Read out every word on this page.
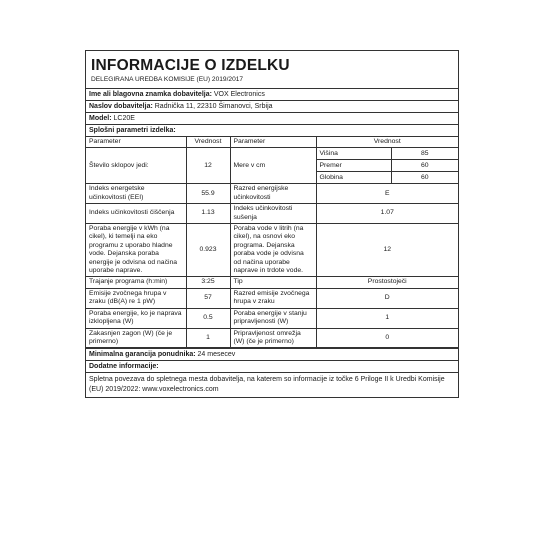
INFORMACIJE O IZDELKU
DELEGIRANA UREDBA KOMISIJE (EU) 2019/2017
Ime ali blagovna znamka dobavitelja: VOX Electronics
Naslov dobavitelja: Radnička 11, 22310 Šimanovci, Srbija
Model: LC20E
Splošni parametri izdelka:
Parameter	Vrednost	Parameter	Vrednost
Število sklopov jedi:	12	Mere v cm	
Višina	85
Premer	60
Globina	60

Indeks energetske učinkovitosti (EEI)	55.9	Razred energijske učinkovitosti	E
Indeks učinkovitosti čiščenja	1.13	Indeks učinkovitosti sušenja	1.07
Poraba energije v kWh (na cikel), ki temelji na eko programu z uporabo hladne vode. Dejanska poraba energije je odvisna od načina uporabe naprave.	0.923	Poraba vode v litrih (na cikel), na osnovi eko programa. Dejanska poraba vode je odvisna od načina uporabe naprave in trdote vode.	12
Trajanje programa (h:min)	3:25	Tip	Prostostoječi
Emisije zvočnega hrupa v zraku (dB(A) re 1 pW)	57	Razred emisije zvočnega hrupa v zraku	D
Poraba energije, ko je naprava izklopljena (W)	0.5	Poraba energije v stanju pripravljenosti (W)	1
Zakasnjen zagon (W) (če je primerno)	1	Pripravljenost omrežja (W) (če je primerno)	0
Minimalna garancija ponudnika: 24 mesecev
Dodatne informacije:
Spletna povezava do spletnega mesta dobavitelja, na katerem so informacije iz točke 6 Priloge II k Uredbi Komisije (EU) 2019/2022: www.voxelectronics.com
